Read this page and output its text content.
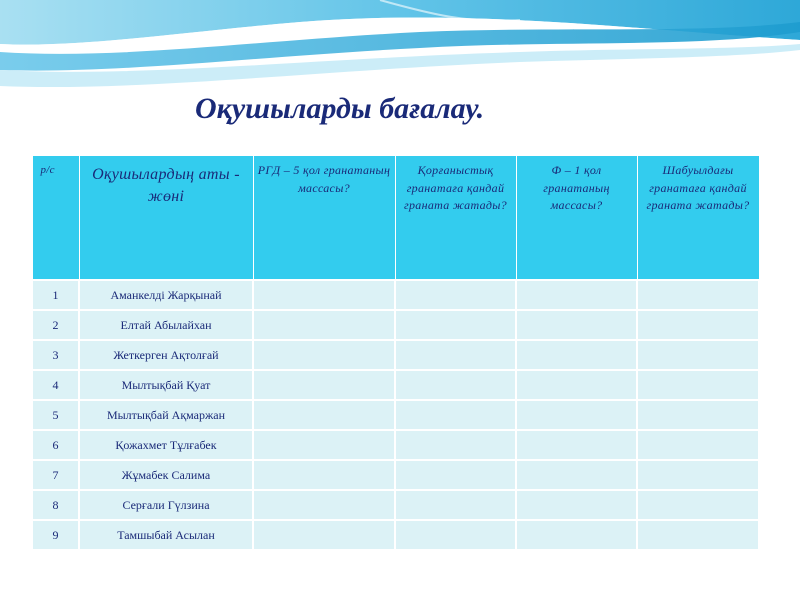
Оқушыларды бағалау.
р/с	Оқушылардың аты - жөні	РГД – 5 қол гранатаның массасы?	Қорғаныстық гранатаға қандай граната жатады?	Ф – 1 қол гранатаның массасы?	Шабуылдағы гранатаға қандай граната жатады?
1	Аманкелді Жарқынай				
2	Елтай Абылайхан				
3	Жеткерген Ақтолғай				
4	Мылтықбай Қуат				
5	Мылтықбай Ақмаржан				
6	Қожахмет Тұлғабек				
7	Жұмабек Салима				
8	Серғали Гүлзина				
9	Тамшыбай Асылан				
